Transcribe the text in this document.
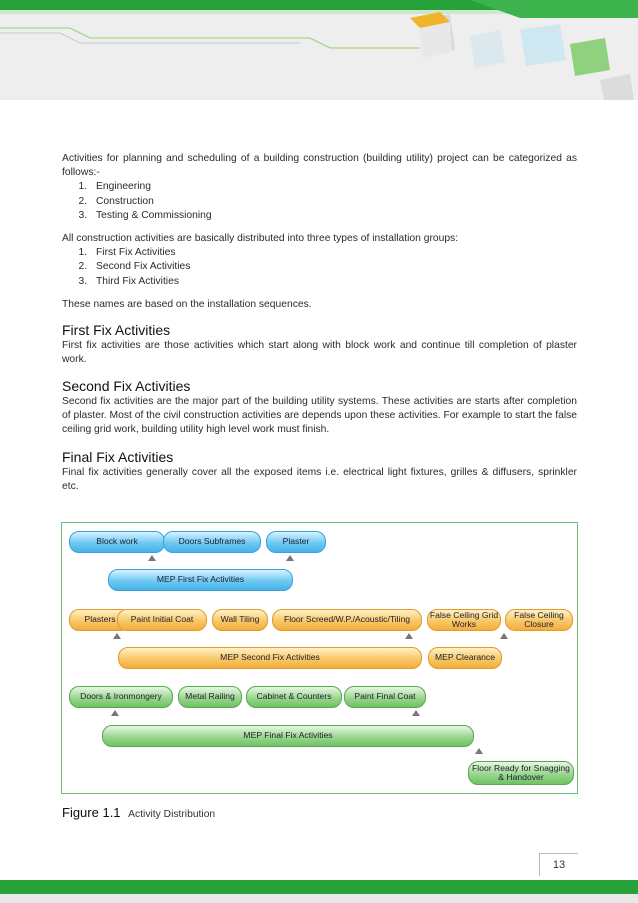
Activities for planning and scheduling of a building construction (building utility) project can be categorized as follows:-

1. Engineering
2. Construction
3. Testing & Commissioning

All construction activities are basically distributed into three types of installation groups:

1. First Fix Activities
2. Second Fix Activities
3. Third Fix Activities

These names are based on the installation sequences.

First Fix Activities

First fix activities are those activities which start along with block work and continue till completion of plaster work.

Second Fix Activities

Second fix activities are the major part of the building utility systems. These activities are starts after completion of plaster. Most of the civil construction activities are depends upon these activities. For example to start the false ceiling grid work, building utility high level work must finish.

Final Fix Activities

Final fix activities generally cover all the exposed items i.e. electrical light fixtures, grilles & diffusers, sprinkler etc.

Block work	Doors Subframes	Plaster
MEP First Fix Activities
Plasters	Paint Initial Coat	Wall Tiling	Floor Screed/W.P./Acoustic/Tiling	False Ceiling Grid Works
False Ceiling Closure
MEP Second Fix Activities	MEP Clearance
Doors & Ironmongery	Metal Railing	Cabinet & Counters	Paint Final Coat
MEP Final Fix Activities
Floor Ready for Snagging & Handover
Figure 1.1 Activity Distribution
13
